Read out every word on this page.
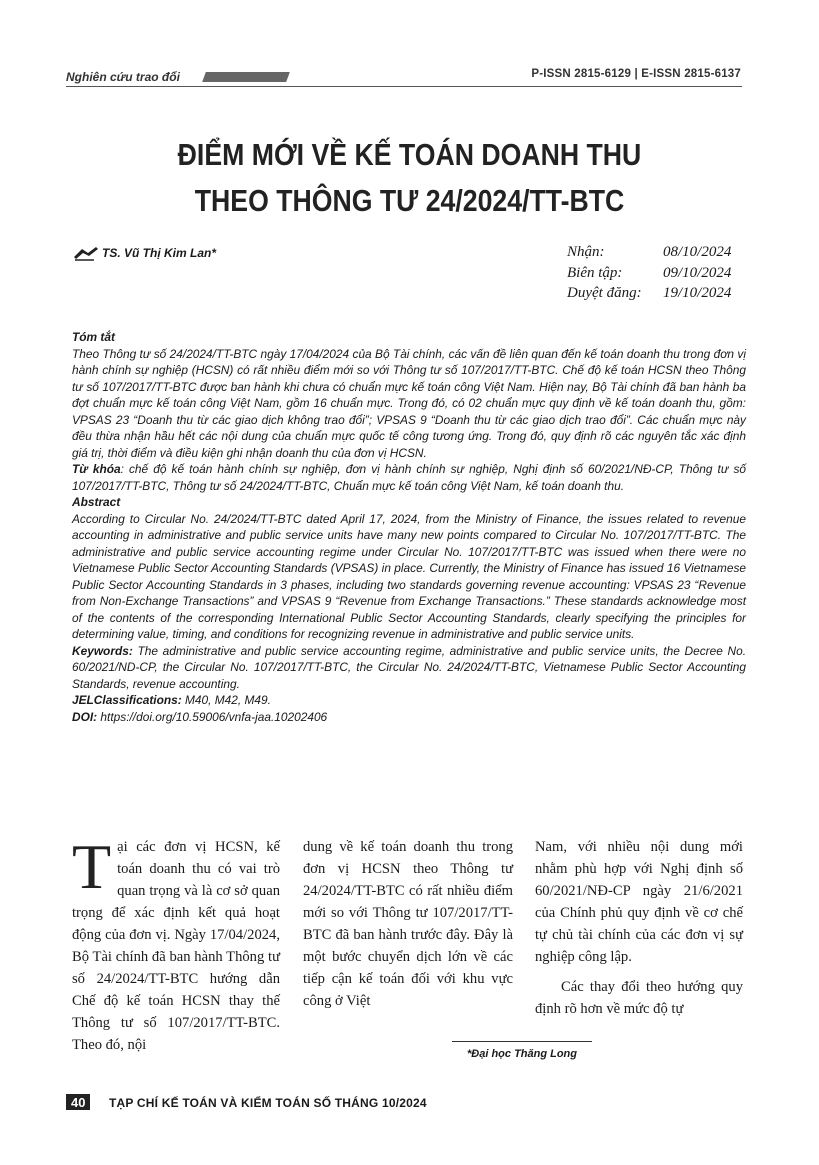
Nghiên cứu trao đổi	P-ISSN 2815-6129 | E-ISSN 2815-6137
ĐIỂM MỚI VỀ KẾ TOÁN DOANH THU
THEO THÔNG TƯ 24/2024/TT-BTC
TS. Vũ Thị Kim Lan*	Nhận:	08/10/2024
Biên tập:	09/10/2024
Duyệt đăng:	19/10/2024

Tóm tắt

Theo Thông tư số 24/2024/TT-BTC ngày 17/04/2024 của Bộ Tài chính, các vấn đề liên quan đến kế toán doanh thu trong đơn vị hành chính sự nghiệp (HCSN) có rất nhiều điểm mới so với Thông tư số 107/2017/TT-BTC. Chế độ kế toán HCSN theo Thông tư số 107/2017/TT-BTC được ban hành khi chưa có chuẩn mực kế toán công Việt Nam. Hiện nay, Bộ Tài chính đã ban hành ba đợt chuẩn mực kế toán công Việt Nam, gồm 16 chuẩn mực. Trong đó, có 02 chuẩn mực quy định về kế toán doanh thu, gồm: VPSAS 23 “Doanh thu từ các giao dịch không trao đổi”; VPSAS 9 “Doanh thu từ các giao dịch trao đổi”. Các chuẩn mực này đều thừa nhận hầu hết các nội dung của chuẩn mực quốc tế công tương ứng. Trong đó, quy định rõ các nguyên tắc xác định giá trị, thời điểm và điều kiện ghi nhận doanh thu của đơn vị HCSN.

Từ khóa: chế độ kế toán hành chính sự nghiệp, đơn vị hành chính sự nghiệp, Nghị định số 60/2021/NĐ-CP, Thông tư số 107/2017/TT-BTC, Thông tư số 24/2024/TT-BTC, Chuẩn mực kế toán công Việt Nam, kế toán doanh thu.

Abstract

According to Circular No. 24/2024/TT-BTC dated April 17, 2024, from the Ministry of Finance, the issues related to revenue accounting in administrative and public service units have many new points compared to Circular No. 107/2017/TT-BTC. The administrative and public service accounting regime under Circular No. 107/2017/TT-BTC was issued when there were no Vietnamese Public Sector Accounting Standards (VPSAS) in place. Currently, the Ministry of Finance has issued 16 Vietnamese Public Sector Accounting Standards in 3 phases, including two standards governing revenue accounting: VPSAS 23 “Revenue from Non-Exchange Transactions” and VPSAS 9 “Revenue from Exchange Transactions.” These standards acknowledge most of the contents of the corresponding International Public Sector Accounting Standards, clearly specifying the principles for determining value, timing, and conditions for recognizing revenue in administrative and public service units.

Keywords: The administrative and public service accounting regime, administrative and public service units, the Decree No. 60/2021/ND-CP, the Circular No. 107/2017/TT-BTC, the Circular No. 24/2024/TT-BTC, Vietnamese Public Sector Accounting Standards, revenue accounting.

JELClassifications: M40, M42, M49.

DOI: https://doi.org/10.59006/vnfa-jaa.10202406

Tại các đơn vị HCSN, kế toán doanh thu có vai trò quan trọng và là cơ sở quan trọng để xác định kết quả hoạt động của đơn vị. Ngày 17/04/2024, Bộ Tài chính đã ban hành Thông tư số 24/2024/TT-BTC hướng dẫn Chế độ kế toán HCSN thay thế Thông tư số 107/2017/TT-BTC. Theo đó, nội

dung về kế toán doanh thu trong đơn vị HCSN theo Thông tư 24/2024/TT-BTC có rất nhiều điểm mới so với Thông tư 107/2017/TT-BTC đã ban hành trước đây. Đây là một bước chuyển dịch lớn về các tiếp cận kế toán đối với khu vực công ở Việt

Nam, với nhiều nội dung mới nhằm phù hợp với Nghị định số 60/2021/NĐ-CP ngày 21/6/2021 của Chính phủ quy định về cơ chế tự chủ tài chính của các đơn vị sự nghiệp công lập.

Các thay đổi theo hướng quy định rõ hơn về mức độ tự

*Đại học Thăng Long
40	TẠP CHÍ KẾ TOÁN VÀ KIỂM TOÁN SỐ THÁNG 10/2024
